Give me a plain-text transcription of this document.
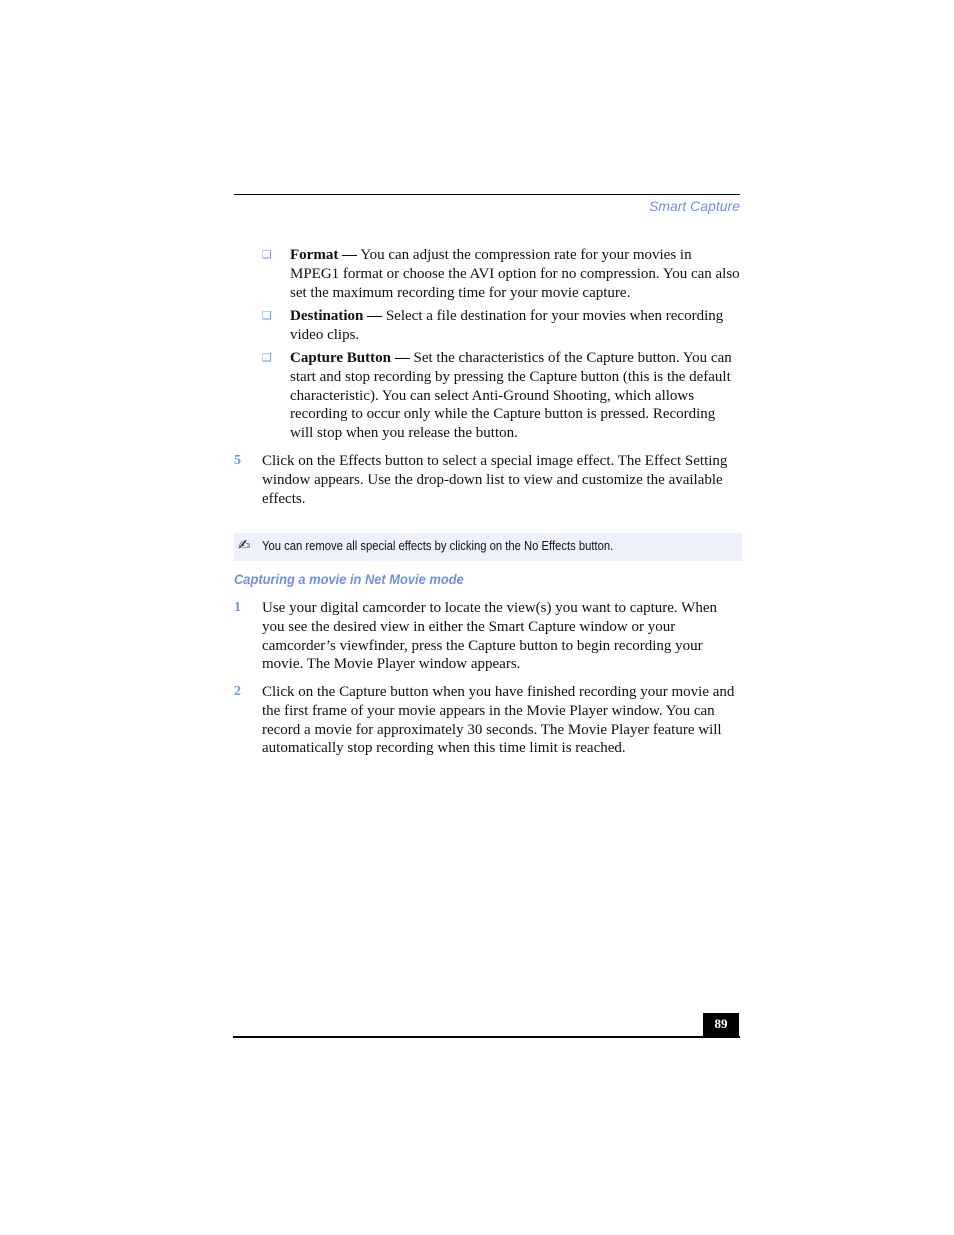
Smart Capture
❑ Format — You can adjust the compression rate for your movies in MPEG1 format or choose the AVI option for no compression. You can also set the maximum recording time for your movie capture.
❑ Destination — Select a file destination for your movies when recording video clips.
❑ Capture Button — Set the characteristics of the Capture button. You can start and stop recording by pressing the Capture button (this is the default characteristic). You can select Anti-Ground Shooting, which allows recording to occur only while the Capture button is pressed. Recording will stop when you release the button.
5 Click on the Effects button to select a special image effect. The Effect Setting window appears. Use the drop-down list to view and customize the available effects.
✍ You can remove all special effects by clicking on the No Effects button.
Capturing a movie in Net Movie mode
1 Use your digital camcorder to locate the view(s) you want to capture. When you see the desired view in either the Smart Capture window or your camcorder’s viewfinder, press the Capture button to begin recording your movie. The Movie Player window appears.
2 Click on the Capture button when you have finished recording your movie and the first frame of your movie appears in the Movie Player window. You can record a movie for approximately 30 seconds. The Movie Player feature will automatically stop recording when this time limit is reached.
89
